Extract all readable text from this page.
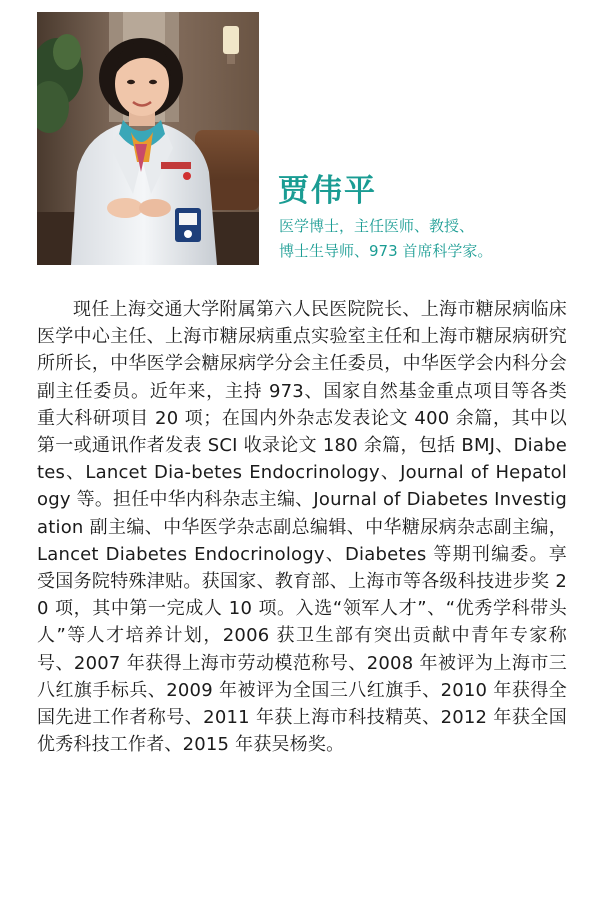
贾伟平
医学博士，主任医师、教授、
博士生导师、973 首席科学家。

现任上海交通大学附属第六人民医院院长、上海市糖尿病临床医学中心主任、上海市糖尿病重点实验室主任和上海市糖尿病研究所所长，中华医学会糖尿病学分会主任委员，中华医学会内科分会副主任委员。近年来，主持 973、国家自然基金重点项目等各类重大科研项目 20 项；在国内外杂志发表论文 400 余篇，其中以第一或通讯作者发表 SCI 收录论文 180 余篇，包括 BMJ、Diabetes、Lancet Dia-betes Endocrinology、Journal of Hepatology 等。担任中华内科杂志主编、Journal of Diabetes Investigation 副主编、中华医学杂志副总编辑、中华糖尿病杂志副主编，Lancet Diabetes Endocrinology、Diabetes 等期刊编委。享受国务院特殊津贴。获国家、教育部、上海市等各级科技进步奖 20 项，其中第一完成人 10 项。入选“领军人才”、“优秀学科带头人”等人才培养计划，2006 获卫生部有突出贡献中青年专家称号、2007 年获得上海市劳动模范称号、2008 年被评为上海市三八红旗手标兵、2009 年被评为全国三八红旗手、2010 年获得全国先进工作者称号、2011 年获上海市科技精英、2012 年获全国优秀科技工作者、2015 年获吴杨奖。
